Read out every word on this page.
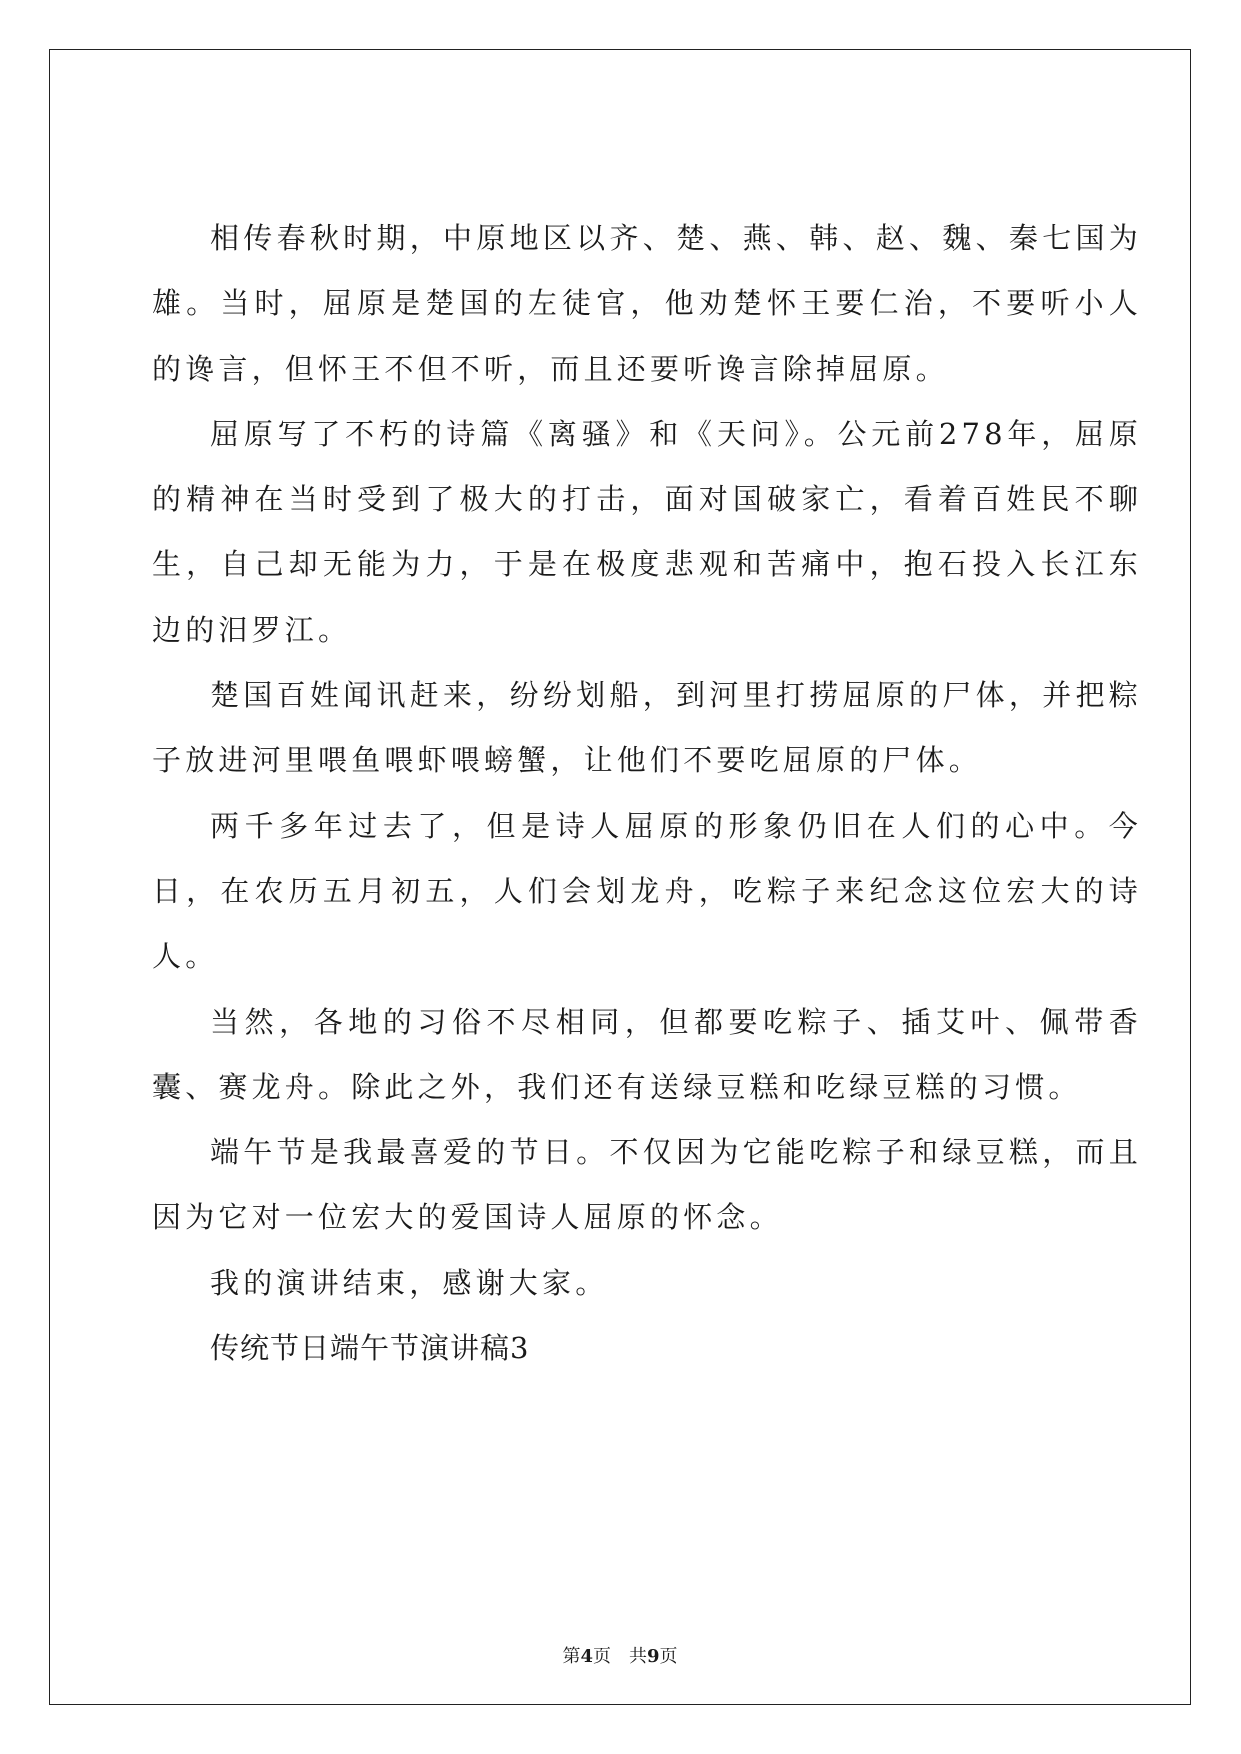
相传春秋时期，中原地区以齐、楚、燕、韩、赵、魏、秦七国为雄。当时，屈原是楚国的左徒官，他劝楚怀王要仁治，不要听小人的谗言，但怀王不但不听，而且还要听谗言除掉屈原。

屈原写了不朽的诗篇《离骚》和《天问》。公元前278年，屈原的精神在当时受到了极大的打击，面对国破家亡，看着百姓民不聊生，自己却无能为力，于是在极度悲观和苦痛中，抱石投入长江东边的汨罗江。

楚国百姓闻讯赶来，纷纷划船，到河里打捞屈原的尸体，并把粽子放进河里喂鱼喂虾喂螃蟹，让他们不要吃屈原的尸体。

两千多年过去了，但是诗人屈原的形象仍旧在人们的心中。今日，在农历五月初五，人们会划龙舟，吃粽子来纪念这位宏大的诗人。

当然，各地的习俗不尽相同，但都要吃粽子、插艾叶、佩带香囊、赛龙舟。除此之外，我们还有送绿豆糕和吃绿豆糕的习惯。

端午节是我最喜爱的节日。不仅因为它能吃粽子和绿豆糕，而且因为它对一位宏大的爱国诗人屈原的怀念。

我的演讲结束，感谢大家。

传统节日端午节演讲稿3

第4页 共9页
